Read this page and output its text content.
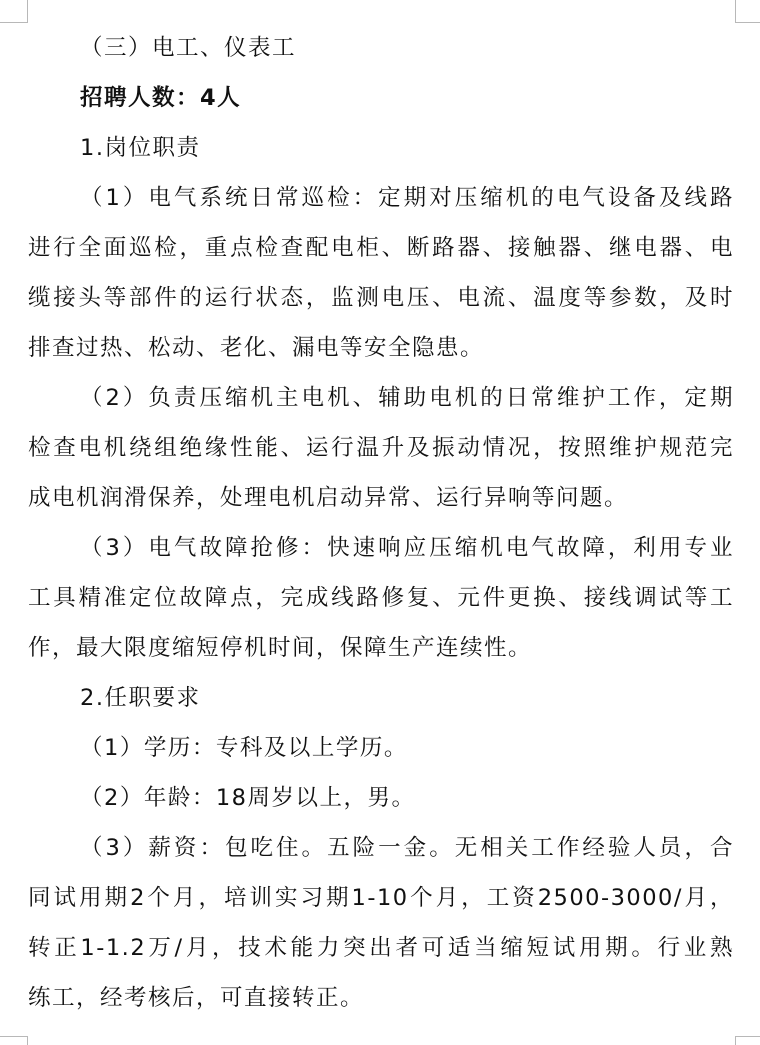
（三）电工、仪表工
招聘人数：4人
1.岗位职责
（1）电气系统日常巡检：定期对压缩机的电气设备及线路
进行全面巡检，重点检查配电柜、断路器、接触器、继电器、电
缆接头等部件的运行状态，监测电压、电流、温度等参数，及时
排查过热、松动、老化、漏电等安全隐患。
（2）负责压缩机主电机、辅助电机的日常维护工作，定期
检查电机绕组绝缘性能、运行温升及振动情况，按照维护规范完
成电机润滑保养，处理电机启动异常、运行异响等问题。
（3）电气故障抢修：快速响应压缩机电气故障，利用专业
工具精准定位故障点，完成线路修复、元件更换、接线调试等工
作，最大限度缩短停机时间，保障生产连续性。
2.任职要求
（1）学历：专科及以上学历。
（2）年龄：18周岁以上，男。
（3）薪资：包吃住。五险一金。无相关工作经验人员，合
同试用期2个月，培训实习期1-10个月，工资2500-3000/月，
转正1-1.2万/月，技术能力突出者可适当缩短试用期。行业熟
练工，经考核后，可直接转正。
